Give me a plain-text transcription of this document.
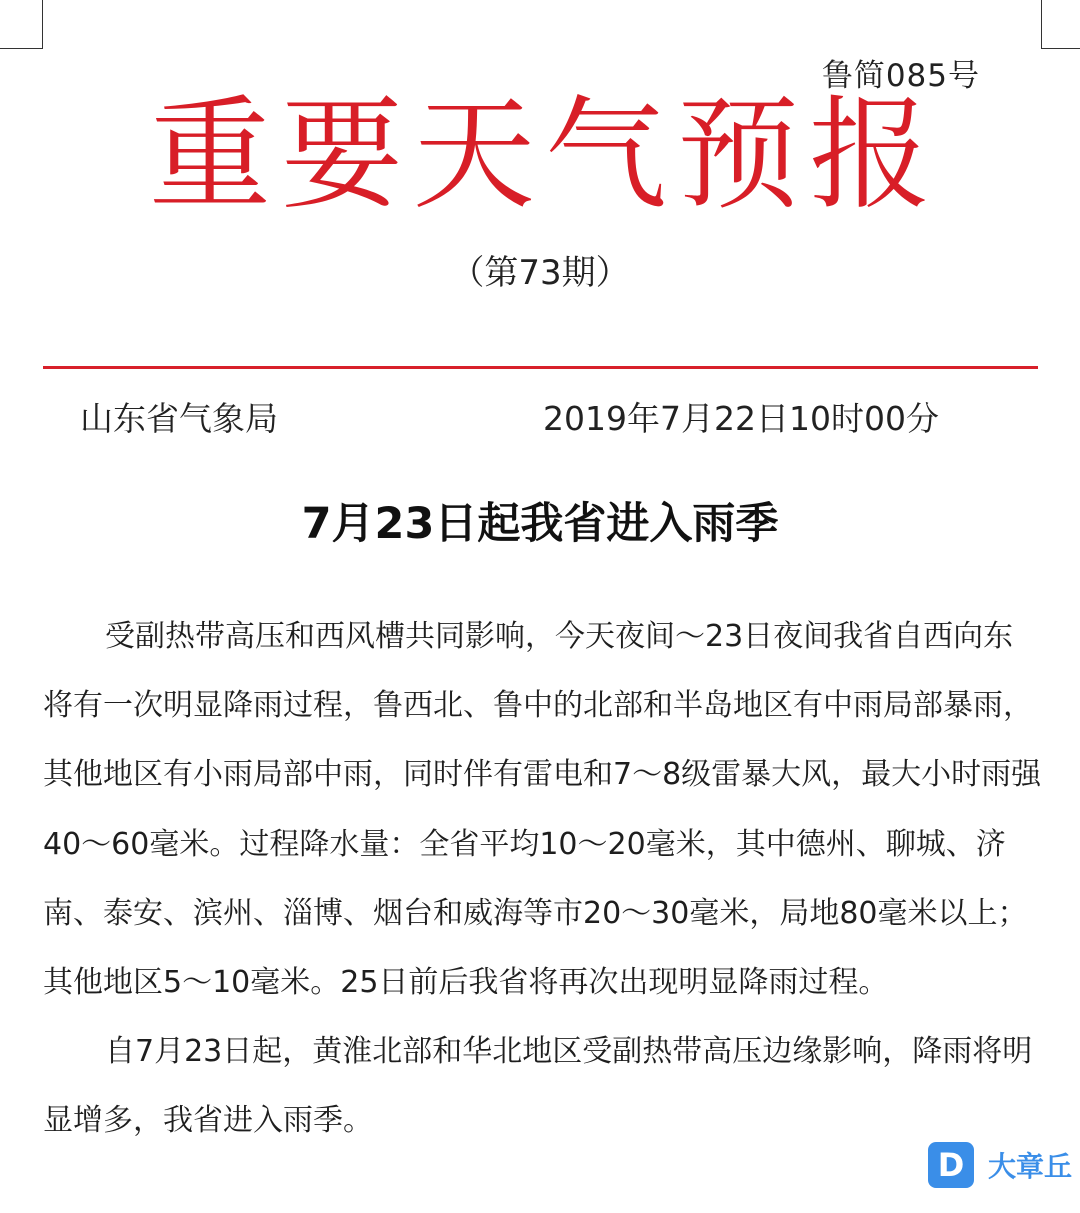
鲁简085号
重要天气预报
（第73期）
山东省气象局	2019年7月22日10时00分
7月23日起我省进入雨季

受副热带高压和西风槽共同影响，今天夜间～23日夜间我省自西向东将有一次明显降雨过程，鲁西北、鲁中的北部和半岛地区有中雨局部暴雨，其他地区有小雨局部中雨，同时伴有雷电和7～8级雷暴大风，最大小时雨强40～60毫米。过程降水量：全省平均10～20毫米，其中德州、聊城、济南、泰安、滨州、淄博、烟台和威海等市20～30毫米，局地80毫米以上；其他地区5～10毫米。25日前后我省将再次出现明显降雨过程。

自7月23日起，黄淮北部和华北地区受副热带高压边缘影响，降雨将明显增多，我省进入雨季。

D 大章丘
